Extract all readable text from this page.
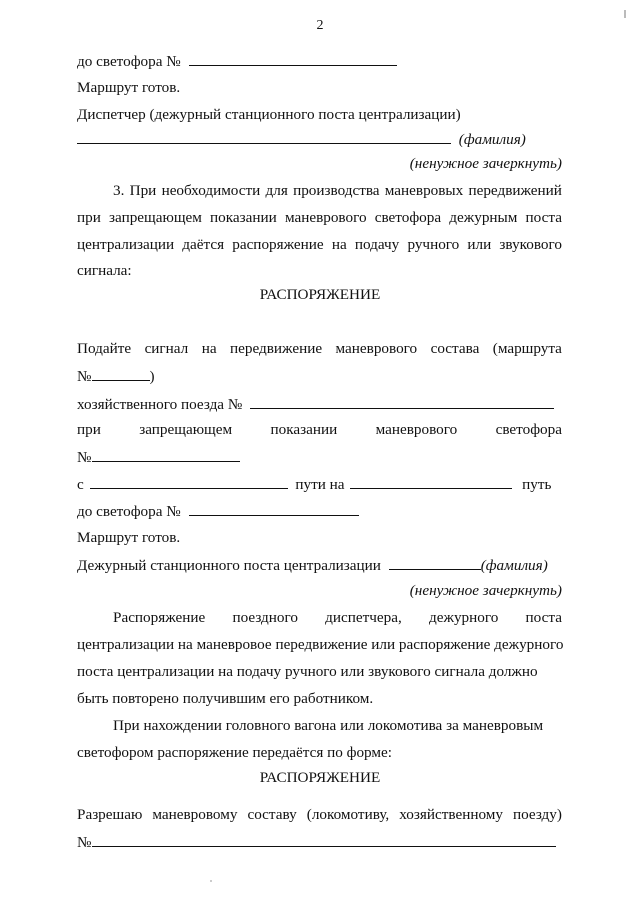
2
до светофора №
Маршрут готов.
Диспетчер (дежурный станционного поста централизации)
(фамилия)
(ненужное зачеркнуть)
3. При необходимости для производства маневровых передвижений
при запрещающем показании маневрового светофора дежурным поста
централизации даётся распоряжение на подачу ручного или звукового
сигнала:
РАСПОРЯЖЕНИЕ
Подайте сигнал на передвижение маневрового состава (маршрута
№	)
хозяйственного поезда №
при	запрещающем	показании	маневрового	светофора
№
с	пути на	путь
до светофора №
Маршрут готов.
Дежурный станционного поста централизации	(фамилия)
(ненужное зачеркнуть)
Распоряжение поездного диспетчера, дежурного поста
централизации на маневровое передвижение или распоряжение дежурного
поста централизации на подачу ручного или звукового сигнала должно
быть повторено получившим его работником.
При нахождении головного вагона или локомотива за маневровым
светофором распоряжение передаётся по форме:
РАСПОРЯЖЕНИЕ
Разрешаю маневровому составу (локомотиву, хозяйственному поезду)
№
